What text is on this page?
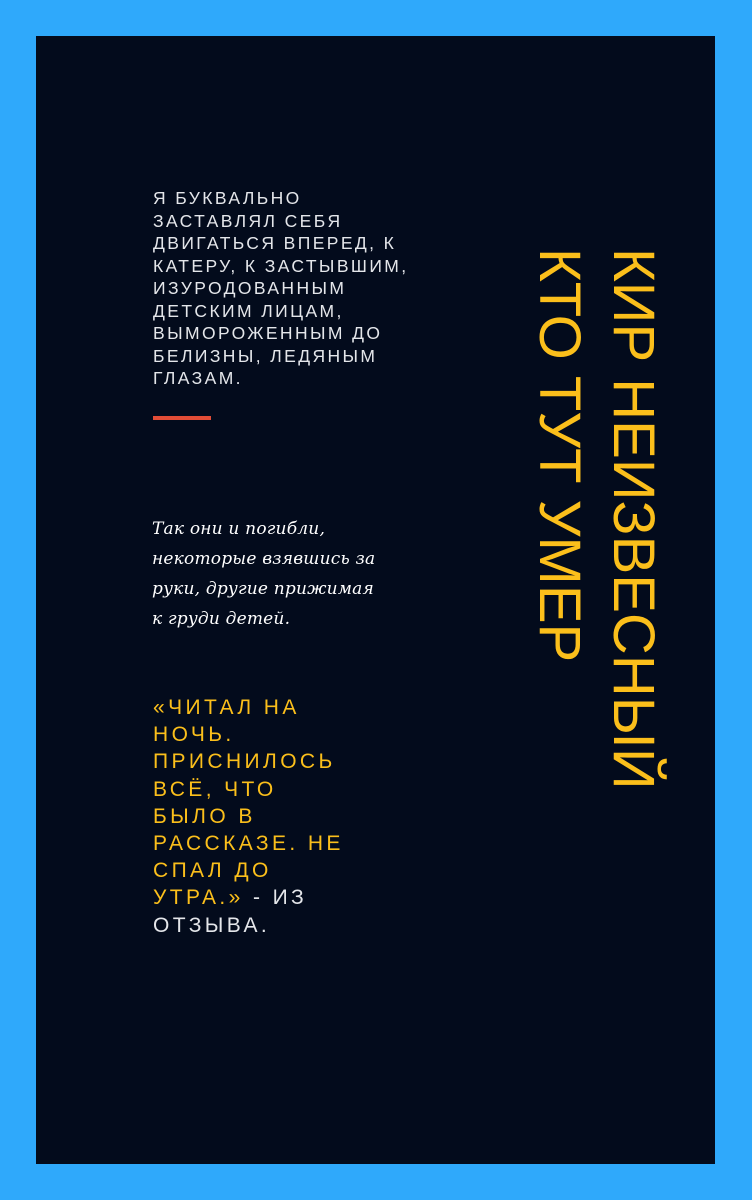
Я БУКВАЛЬНО
ЗАСТАВЛЯЛ СЕБЯ
ДВИГАТЬСЯ ВПЕРЕД, К
КАТЕРУ, К ЗАСТЫВШИМ,
ИЗУРОДОВАННЫМ
ДЕТСКИМ ЛИЦАМ,
ВЫМОРОЖЕННЫМ ДО
БЕЛИЗНЫ, ЛЕДЯНЫМ
ГЛАЗАМ.

Так они и погибли,
некоторые взявшись за
руки, другие прижимая
к груди детей.

«ЧИТАЛ НА
НОЧЬ. ПРИСНИЛОСЬ
ВСЁ, ЧТО
БЫЛО В
РАССКАЗЕ. НЕ
СПАЛ ДО
УТРА.» - ИЗ
ОТЗЫВА.

КИР НЕИЗВЕСНЫЙ
КТО ТУТ УМЕР
